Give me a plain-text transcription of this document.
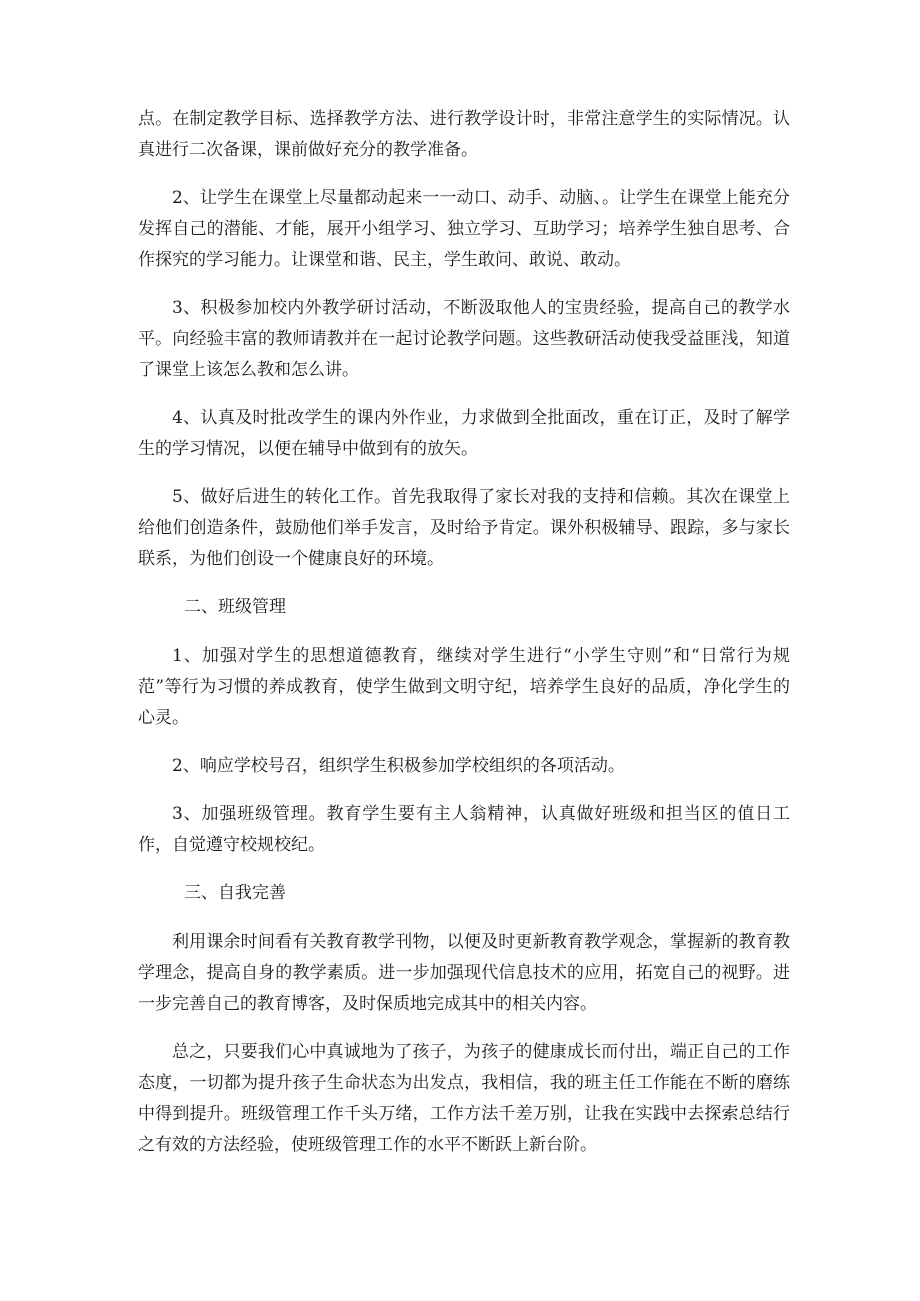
点。在制定教学目标、选择教学方法、进行教学设计时，非常注意学生的实际情况。认真进行二次备课，课前做好充分的教学准备。

2、让学生在课堂上尽量都动起来一一动口、动手、动脑、。让学生在课堂上能充分发挥自己的潜能、才能，展开小组学习、独立学习、互助学习；培养学生独自思考、合作探究的学习能力。让课堂和谐、民主，学生敢问、敢说、敢动。

3、积极参加校内外教学研讨活动，不断汲取他人的宝贵经验，提高自己的教学水平。向经验丰富的教师请教并在一起讨论教学问题。这些教研活动使我受益匪浅，知道了课堂上该怎么教和怎么讲。

4、认真及时批改学生的课内外作业，力求做到全批面改，重在订正，及时了解学生的学习情况，以便在辅导中做到有的放矢。

5、做好后进生的转化工作。首先我取得了家长对我的支持和信赖。其次在课堂上给他们创造条件，鼓励他们举手发言，及时给予肯定。课外积极辅导、跟踪，多与家长联系，为他们创设一个健康良好的环境。

二、班级管理

1、加强对学生的思想道德教育，继续对学生进行“小学生守则”和“日常行为规范”等行为习惯的养成教育，使学生做到文明守纪，培养学生良好的品质，净化学生的心灵。

2、响应学校号召，组织学生积极参加学校组织的各项活动。

3、加强班级管理。教育学生要有主人翁精神，认真做好班级和担当区的值日工作，自觉遵守校规校纪。

三、自我完善

利用课余时间看有关教育教学刊物，以便及时更新教育教学观念，掌握新的教育教学理念，提高自身的教学素质。进一步加强现代信息技术的应用，拓宽自己的视野。进一步完善自己的教育博客，及时保质地完成其中的相关内容。

总之，只要我们心中真诚地为了孩子，为孩子的健康成长而付出，端正自己的工作态度，一切都为提升孩子生命状态为出发点，我相信，我的班主任工作能在不断的磨练中得到提升。班级管理工作千头万绪，工作方法千差万别，让我在实践中去探索总结行之有效的方法经验，使班级管理工作的水平不断跃上新台阶。
